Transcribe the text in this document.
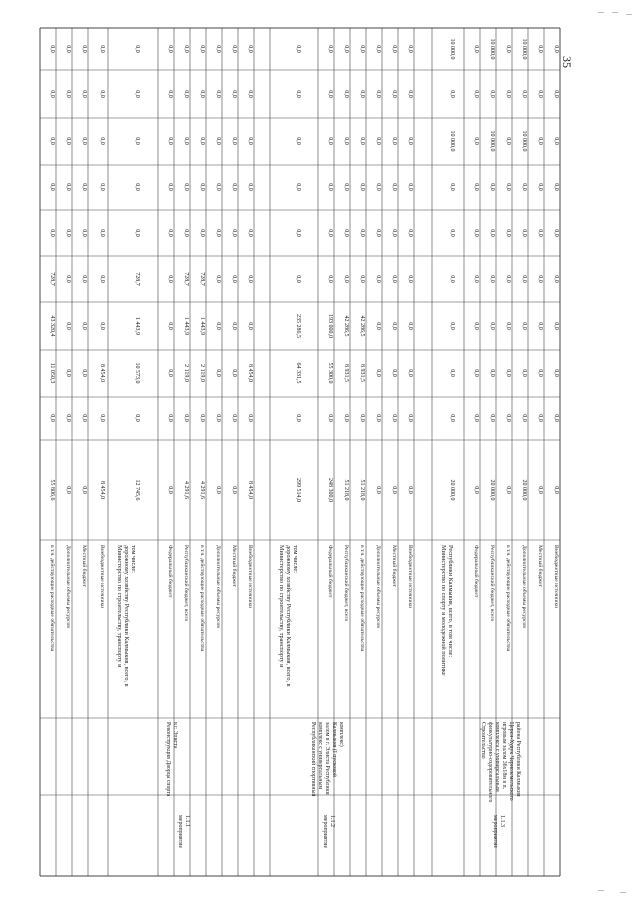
в т.ч. действующие расходные обязательства
55 806,6
0,0
11 050,3
43 320,4
728,7
0,0
0,0
0,0
0,0
0,0
Дополнительные объемы ресурсов
0,0
0,0
0,0
0,0
0,0
0,0
0,0
0,0
0,0
0,0
Местный бюджет
0,0
0,0
0,0
0,0
0,0
0,0
0,0
0,0
0,0
0,0
Внебюджетные источники
8 454,0
0,0
8 454,0
0,0
0,0
0,0
0,0
0,0
0,0
0,0
Министерство по строительству, транспорту идорожному хозяйству Республики Калмыкия, всего, втом числе:
12 745,6
0,0
10 573,0
1 443,9
728,7
0,0
0,0
0,0
0,0
0,0
Федеральный бюджет
0,0
0,0
0,0
0,0
0,0
0,0
0,0
0,0
0,0
0,0
Республиканский бюджет, всего
4 291,6
0,0
2 119,0
1 443,9
728,7
0,0
0,0
0,0
0,0
0,0
в т.ч. действующие расходные обязательства
4 291,6
0,0
2 119,0
1 443,9
728,7
0,0
0,0
0,0
0,0
0,0
Дополнительные объемы ресурсов
0,0
0,0
0,0
0,0
0,0
0,0
0,0
0,0
0,0
0,0
Местный бюджет
0,0
0,0
0,0
0,0
0,0
0,0
0,0
0,0
0,0
0,0
Внебюджетные источники
8 454,0
0,0
8 454,0
0,0
0,0
0,0
0,0
0,0
0,0
0,0
Министерство по строительству, транспорту идорожному хозяйству Республики Калмыкия, всего, втом числе:
299 514,0
0,0
64 331,5
235 286,5
0,0
0,0
0,0
0,0
0,0
0,0
Федеральный бюджет
248 300,0
0,0
55 300,0
193 000,0
0,0
0,0
0,0
0,0
0,0
0,0
Республиканский бюджет, всего
51 218,0
0,0
8 931,5
42 286,5
0,0
0,0
0,0
0,0
0,0
0,0
в т.ч. действующие расходные обязательства
51 218,0
0,0
8 931,5
42 286,5
0,0
0,0
0,0
0,0
0,0
0,0
Дополнительные объемы ресурсов
0,0
0,0
0,0
0,0
0,0
0,0
0,0
0,0
0,0
0,0
Местный бюджет
0,0
0,0
0,0
0,0
0,0
0,0
0,0
0,0
0,0
0,0
Внебюджетные источники
0,0
0,0
0,0
0,0
0,0
0,0
0,0
0,0
0,0
0,0
Министерство по спорту и молодежной политикеРеспублики Калмыкия, всего, в том числе:
20 000,0
0,0
0,0
0,0
0,0
0,0
0,0
10 000,0
0,0
10 000,0
Федеральный бюджет
0,0
0,0
0,0
0,0
0,0
0,0
0,0
0,0
0,0
0,0
Республиканский бюджет, всего
20 000,0
0,0
0,0
0,0
0,0
0,0
0,0
10 000,0
0,0
10 000,0
в т.ч. действующие расходные обязательства
0,0
0,0
0,0
0,0
0,0
0,0
0,0
0,0
0,0
0,0
Дополнительные объемы ресурсов
20 000,0
0,0
0,0
0,0
0,0
0,0
0,0
10 000,0
0,0
10 000,0
Местный бюджет
0,0
0,0
0,0
0,0
0,0
0,0
0,0
0,0
0,0
0,0
Внебюджетные источники
0,0
0,0
0,0
0,0
0,0
0,0
0,0
0,0
0,0
0,0
Реконструкция Дворца спортав г. Элиста
мероприятие1.1.1
Республиканский спортивныйкомплекс с универсальнымзалом в г. Элиста РеспубликиКалмыкия (I пусковойкомплекс)
мероприятие1.1.2
Строительствофизкультурно-оздоровительногокомплекса с универсальнымигровым залом 36х18м в п.Церен-Худук Черноземельскогорайона Республики Калмыкия
мероприятие1.1.3
35
